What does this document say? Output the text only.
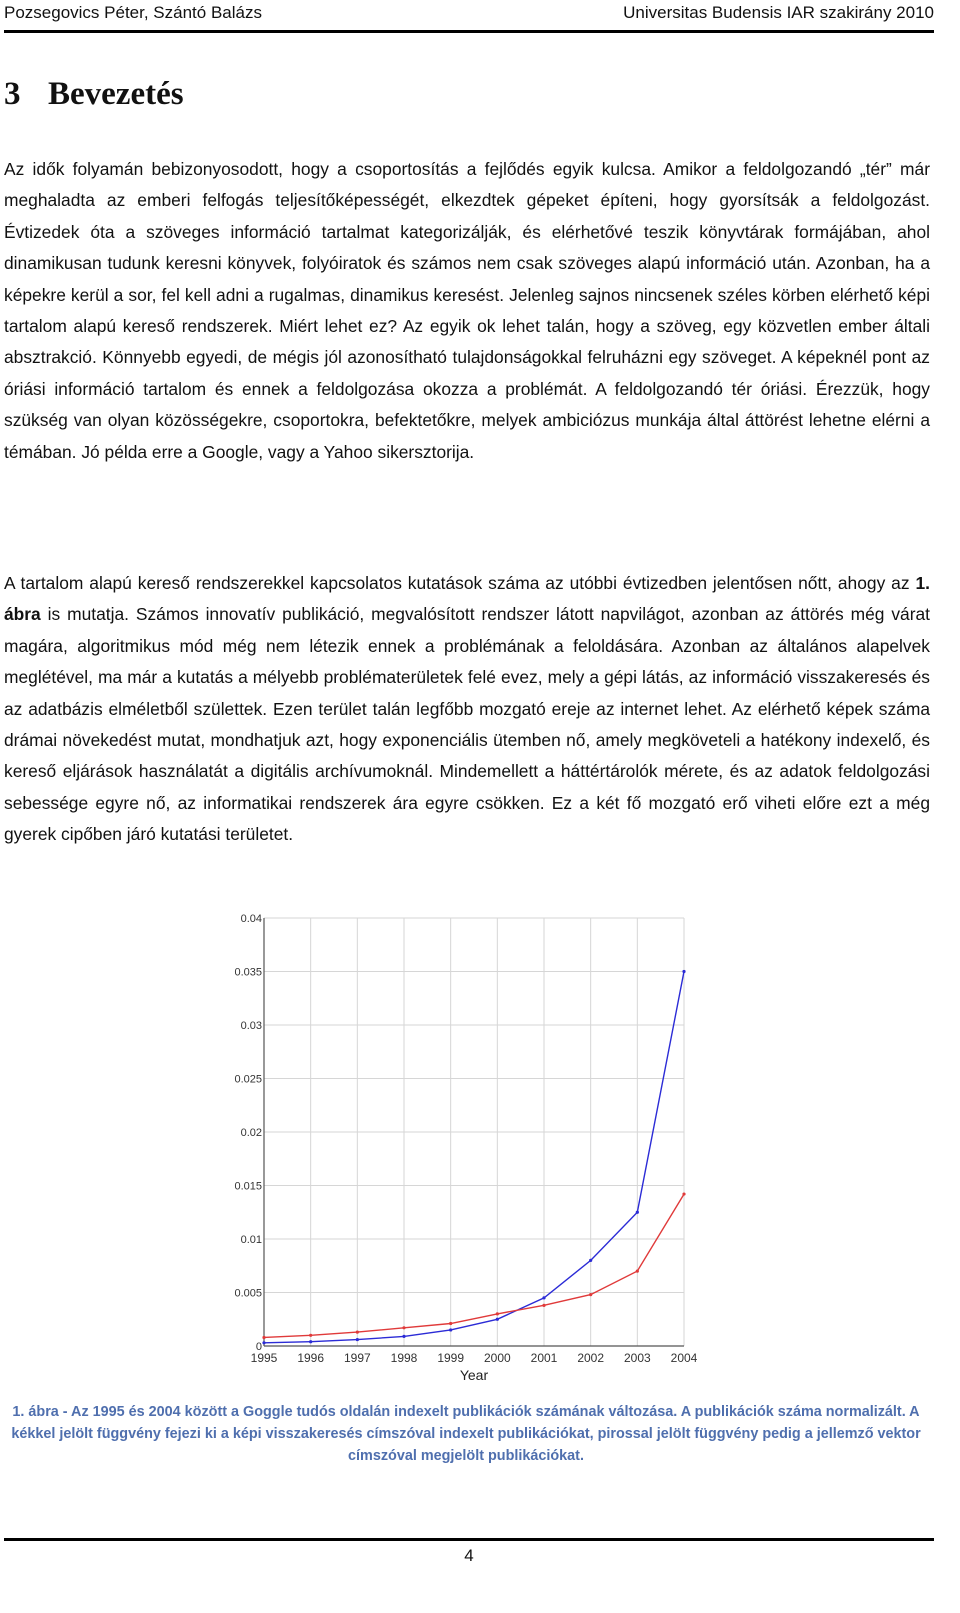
Pozsegovics Péter, Szántó Balázs	Universitas Budensis IAR szakirány 2010
3 Bevezetés

Az idők folyamán bebizonyosodott, hogy a csoportosítás a fejlődés egyik kulcsa. Amikor a feldolgozandó „tér” már meghaladta az emberi felfogás teljesítőképességét, elkezdtek gépeket építeni, hogy gyorsítsák a feldolgozást. Évtizedek óta a szöveges információ tartalmat kategorizálják, és elérhetővé teszik könyvtárak formájában, ahol dinamikusan tudunk keresni könyvek, folyóiratok és számos nem csak szöveges alapú információ után. Azonban, ha a képekre kerül a sor, fel kell adni a rugalmas, dinamikus keresést. Jelenleg sajnos nincsenek széles körben elérhető képi tartalom alapú kereső rendszerek. Miért lehet ez? Az egyik ok lehet talán, hogy a szöveg, egy közvetlen ember általi absztrakció. Könnyebb egyedi, de mégis jól azonosítható tulajdonságokkal felruházni egy szöveget. A képeknél pont az óriási információ tartalom és ennek a feldolgozása okozza a problémát. A feldolgozandó tér óriási. Érezzük, hogy szükség van olyan közösségekre, csoportokra, befektetőkre, melyek ambiciózus munkája által áttörést lehetne elérni a témában. Jó példa erre a Google, vagy a Yahoo sikersztorija.

A tartalom alapú kereső rendszerekkel kapcsolatos kutatások száma az utóbbi évtizedben jelentősen nőtt, ahogy az 1. ábra is mutatja. Számos innovatív publikáció, megvalósított rendszer látott napvilágot, azonban az áttörés még várat magára, algoritmikus mód még nem létezik ennek a problémának a feloldására. Azonban az általános alapelvek meglétével, ma már a kutatás a mélyebb problématerületek felé evez, mely a gépi látás, az információ visszakeresés és az adatbázis elméletből születtek. Ezen terület talán legfőbb mozgató ereje az internet lehet. Az elérhető képek száma drámai növekedést mutat, mondhatjuk azt, hogy exponenciális ütemben nő, amely megköveteli a hatékony indexelő, és kereső eljárások használatát a digitális archívumoknál. Mindemellett a háttértárolók mérete, és az adatok feldolgozási sebessége egyre nő, az informatikai rendszerek ára egyre csökken. Ez a két fő mozgató erő viheti előre ezt a még gyerek cipőben járó kutatási területet.

0
0.005
0.01
0.015
0.02
0.025
0.03
0.035
0.04
1995 1996 1997 1998 1999 2000 2001 2002 2003 2004
Year

1. ábra - Az 1995 és 2004 között a Goggle tudós oldalán indexelt publikációk számának változása. A publikációk száma normalizált. A kékkel jelölt függvény fejezi ki a képi visszakeresés címszóval indexelt publikációkat, pirossal jelölt függvény pedig a jellemző vektor címszóval megjelölt publikációkat.

4
